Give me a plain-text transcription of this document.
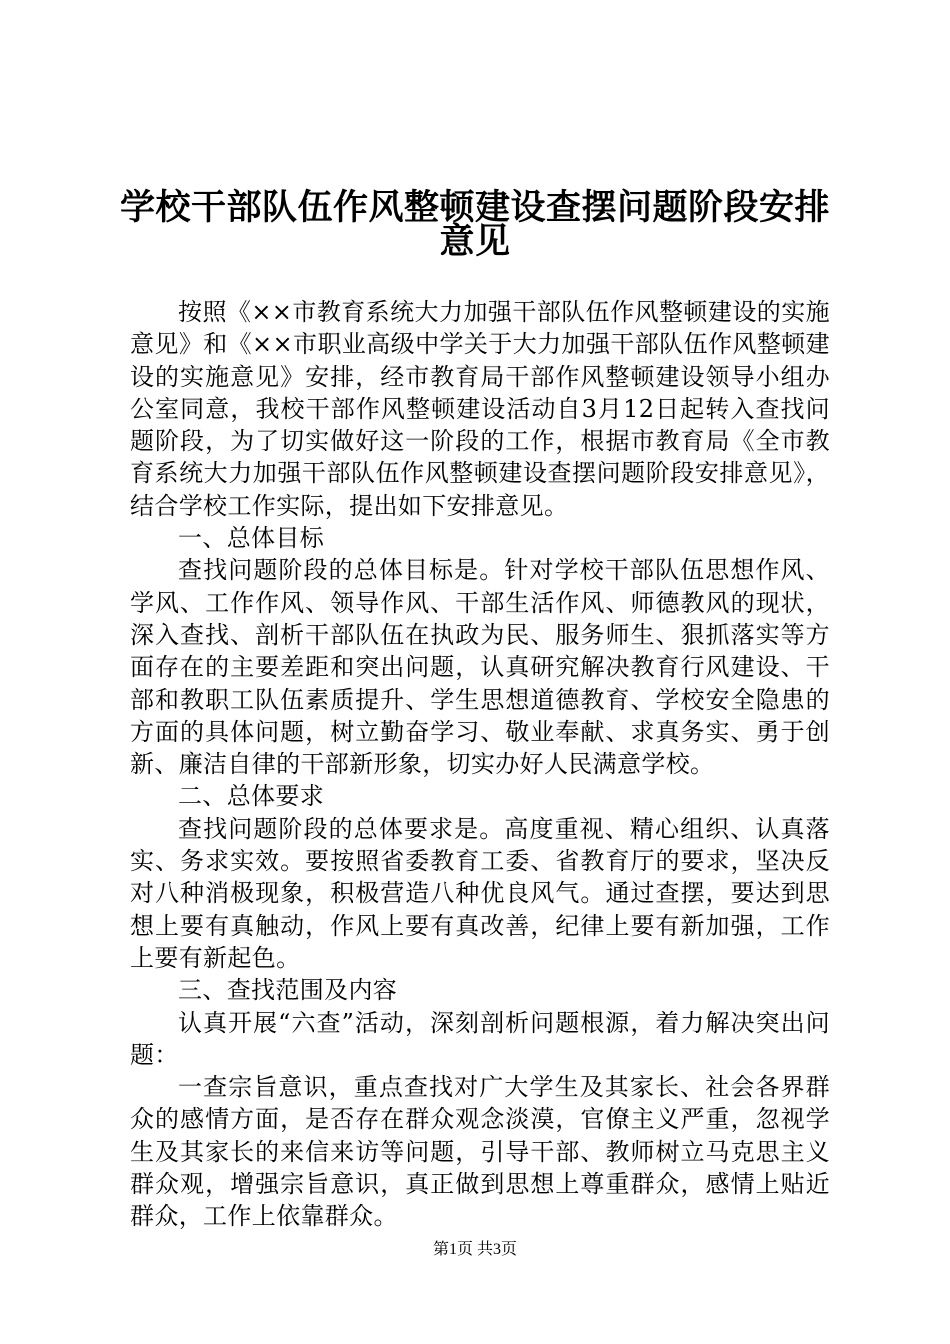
学校干部队伍作风整顿建设查摆问题阶段安排
意见

按照《××市教育系统大力加强干部队伍作风整顿建设的实施意见》和《××市职业高级中学关于大力加强干部队伍作风整顿建设的实施意见》安排，经市教育局干部作风整顿建设领导小组办公室同意，我校干部作风整顿建设活动自3月12日起转入查找问题阶段，为了切实做好这一阶段的工作，根据市教育局《全市教育系统大力加强干部队伍作风整顿建设查摆问题阶段安排意见》，结合学校工作实际，提出如下安排意见。

一、总体目标

查找问题阶段的总体目标是。针对学校干部队伍思想作风、学风、工作作风、领导作风、干部生活作风、师德教风的现状，深入查找、剖析干部队伍在执政为民、服务师生、狠抓落实等方面存在的主要差距和突出问题，认真研究解决教育行风建设、干部和教职工队伍素质提升、学生思想道德教育、学校安全隐患的方面的具体问题，树立勤奋学习、敬业奉献、求真务实、勇于创新、廉洁自律的干部新形象，切实办好人民满意学校。

二、总体要求

查找问题阶段的总体要求是。高度重视、精心组织、认真落实、务求实效。要按照省委教育工委、省教育厅的要求，坚决反对八种消极现象，积极营造八种优良风气。通过查摆，要达到思想上要有真触动，作风上要有真改善，纪律上要有新加强，工作上要有新起色。

三、查找范围及内容

认真开展“六查”活动，深刻剖析问题根源，着力解决突出问题：

一查宗旨意识，重点查找对广大学生及其家长、社会各界群众的感情方面，是否存在群众观念淡漠，官僚主义严重，忽视学生及其家长的来信来访等问题，引导干部、教师树立马克思主义群众观，增强宗旨意识，真正做到思想上尊重群众，感情上贴近群众，工作上依靠群众。

第1页 共3页
